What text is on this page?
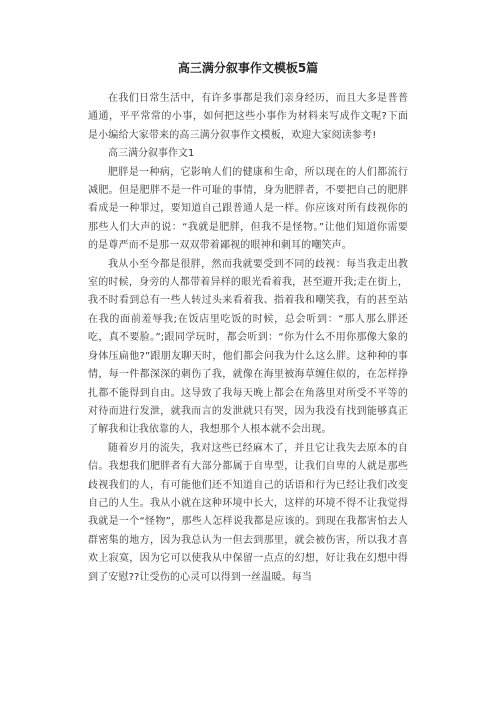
高三满分叙事作文模板5篇

在我们日常生活中，有许多事都是我们亲身经历，而且大多是普普通通，平平常常的小事，如何把这些小事作为材料来写成作文呢?下面是小编给大家带来的高三满分叙事作文模板，欢迎大家阅读参考!

高三满分叙事作文1

肥胖是一种病，它影响人们的健康和生命，所以现在的人们都流行减肥。但是肥胖不是一件可耻的事情，身为肥胖者，不要把自己的肥胖看成是一种罪过，要知道自己跟普通人是一样。你应该对所有歧视你的那些人们大声的说：“我就是肥胖，但我不是怪物。”让他们知道你需要的是尊严而不是那一双双带着鄙视的眼神和刺耳的嘲笑声。

我从小至今都是很胖，然而我就要受到不同的歧视：每当我走出教室的时候，身旁的人都带着异样的眼光看着我，甚至避开我;走在街上，我不时看到总有一些人转过头来看着我、指着我和嘲笑我，有的甚至站在我的面前羞辱我;在饭店里吃饭的时候，总会听到：“那人那么胖还吃，真不要脸。”;跟同学玩时，都会听到：“你为什么不用你那像大象的身体压扁他?”跟朋友聊天时，他们都会问我为什么这么胖。这种种的事情，每一件都深深的刺伤了我，就像在海里被海草缠住似的，在怎样挣扎都不能得到自由。这导致了我每天晚上都会在角落里对所受不平等的对待而进行发泄，就我而言的发泄就只有哭，因为我没有找到能够真正了解我和让我依靠的人，我想那个人根本就不会出现。

随着岁月的流失，我对这些已经麻木了，并且它让我失去原本的自信。我想我们肥胖者有大部分都属于自卑型，让我们自卑的人就是那些歧视我们的人，有可能他们还不知道自己的话语和行为已经让我们改变自己的人生。我从小就在这种环境中长大，这样的环境不得不让我觉得我就是一个“怪物”，那些人怎样说我都是应该的。到现在我都害怕去人群密集的地方，因为我总认为一但去到那里，就会被伤害，所以我才喜欢上寂寞，因为它可以使我从中保留一点点的幻想，好让我在幻想中得到了安慰??让受伤的心灵可以得到一丝温暖。每当
